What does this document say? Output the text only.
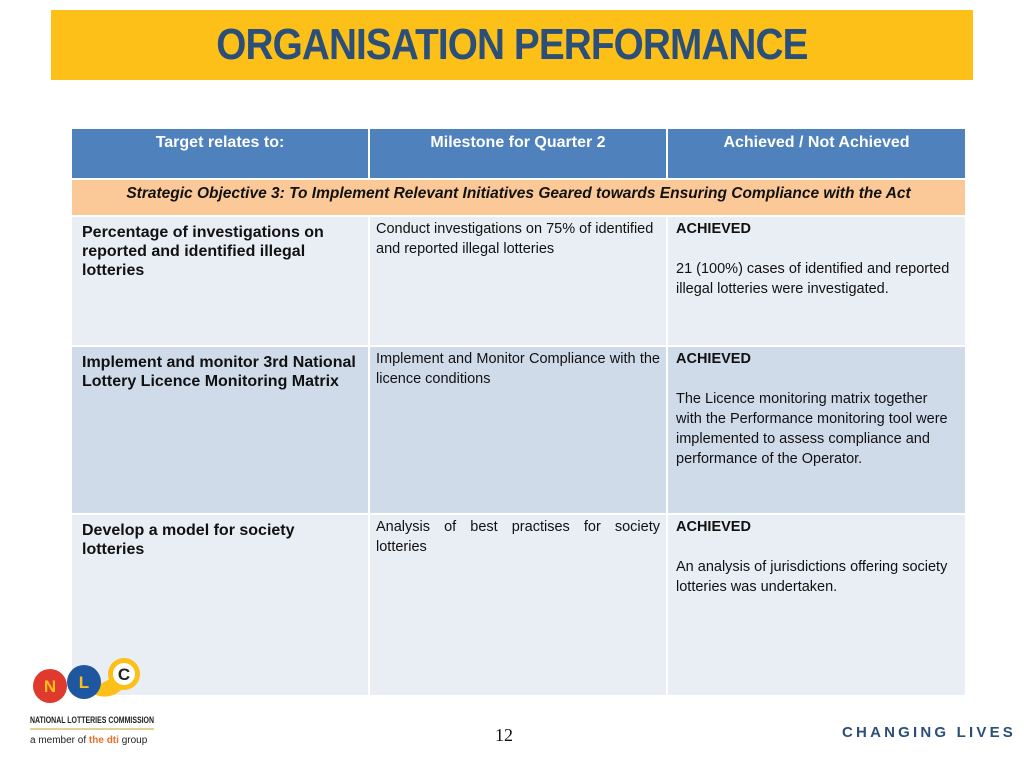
ORGANISATION PERFORMANCE
Target relates to:	Milestone for Quarter 2	Achieved / Not Achieved
Strategic Objective 3: To Implement Relevant Initiatives Geared towards Ensuring Compliance with the Act		
Percentage of investigations on reported and identified illegal lotteries	Conduct investigations on 75% of identified and reported illegal lotteries	ACHIEVED
21 (100%) cases of identified and reported illegal lotteries were investigated.
Implement and monitor 3rd National Lottery Licence Monitoring Matrix	Implement and Monitor Compliance with the licence conditions	ACHIEVED
The Licence monitoring matrix together with the Performance monitoring tool were implemented to assess compliance and performance of the Operator.
Develop a model for society lotteries	Analysis of best practises for society lotteries	ACHIEVED
An analysis of jurisdictions offering society lotteries was undertaken.
N L C
NATIONAL LOTTERIES COMMISSION
a member of the dti group	12	CHANGING LIVES
